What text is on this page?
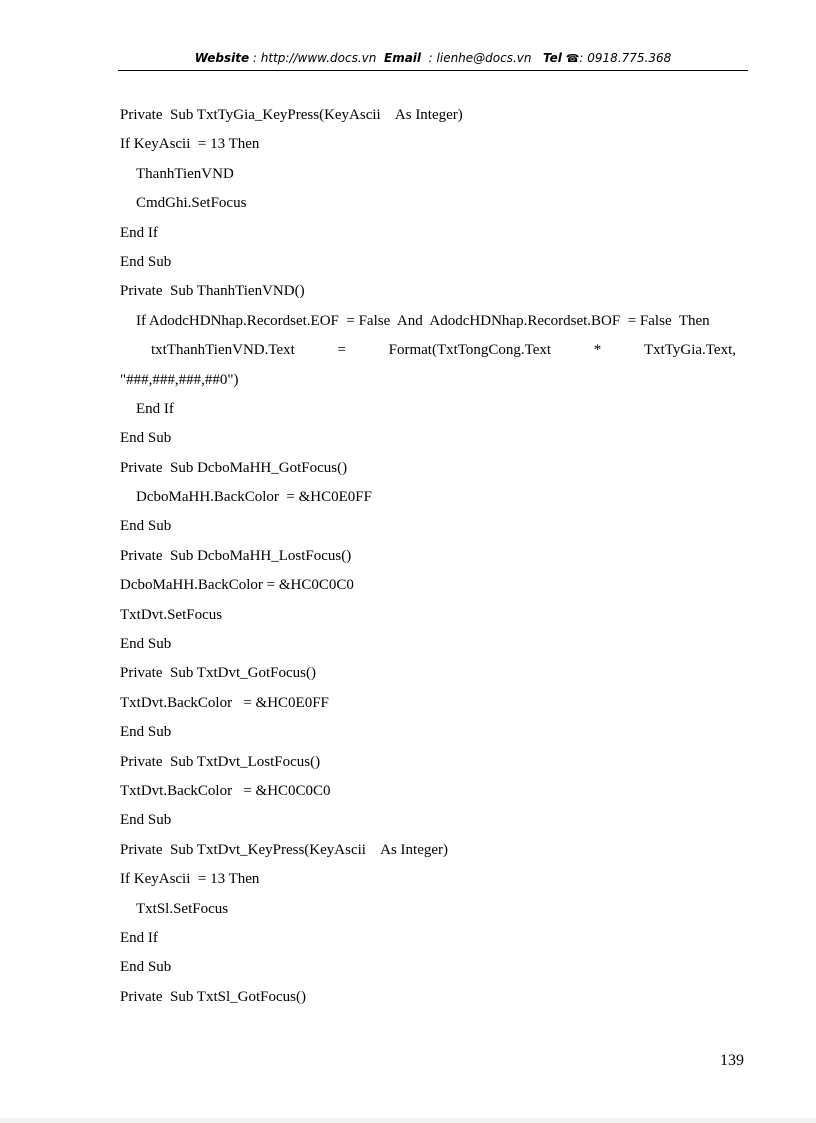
Website : http://www.docs.vn Email : lienhe@docs.vn Tel ☎: 0918.775.368
Private  Sub TxtTyGia_KeyPress(KeyAscii    As Integer)
If KeyAscii  = 13 Then
ThanhTienVND
CmdGhi.SetFocus
End If
End Sub
Private  Sub ThanhTienVND()
If AdodcHDNhap.Recordset.EOF  = False  And  AdodcHDNhap.Recordset.BOF  = False  Then
txtThanhTienVND.Text	=	Format(TxtTongCong.Text	*	TxtTyGia.Text,
"###,###,###,##0")
End If
End Sub
Private  Sub DcboMaHH_GotFocus()
DcboMaHH.BackColor  = &HC0E0FF
End Sub
Private  Sub DcboMaHH_LostFocus()
DcboMaHH.BackColor = &HC0C0C0
TxtDvt.SetFocus
End Sub
Private  Sub TxtDvt_GotFocus()
TxtDvt.BackColor   = &HC0E0FF
End Sub
Private  Sub TxtDvt_LostFocus()
TxtDvt.BackColor   = &HC0C0C0
End Sub
Private  Sub TxtDvt_KeyPress(KeyAscii    As Integer)
If KeyAscii  = 13 Then
TxtSl.SetFocus
End If
End Sub
Private  Sub TxtSl_GotFocus()
139
